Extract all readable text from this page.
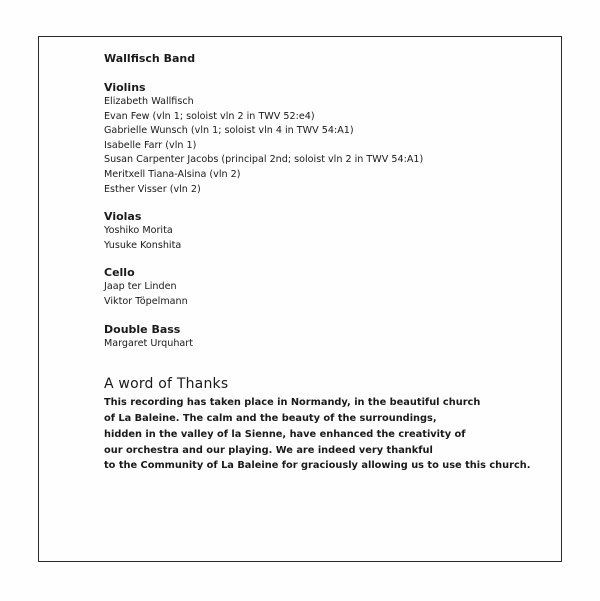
Wallfisch Band

Violins

Elizabeth Wallfisch

Evan Few (vln 1; soloist vln 2 in TWV 52:e4)

Gabrielle Wunsch (vln 1; soloist vln 4 in TWV 54:A1)

Isabelle Farr (vln 1)

Susan Carpenter Jacobs (principal 2nd; soloist vln 2 in TWV 54:A1)

Meritxell Tiana-Alsina (vln 2)

Esther Visser (vln 2)

Violas

Yoshiko Morita

Yusuke Konshita

Cello

Jaap ter Linden

Viktor Töpelmann

Double Bass

Margaret Urquhart

A word of Thanks

This recording has taken place in Normandy, in the beautiful church

of La Baleine. The calm and the beauty of the surroundings,

hidden in the valley of la Sienne, have enhanced the creativity of

our orchestra and our playing. We are indeed very thankful

to the Community of La Baleine for graciously allowing us to use this church.
